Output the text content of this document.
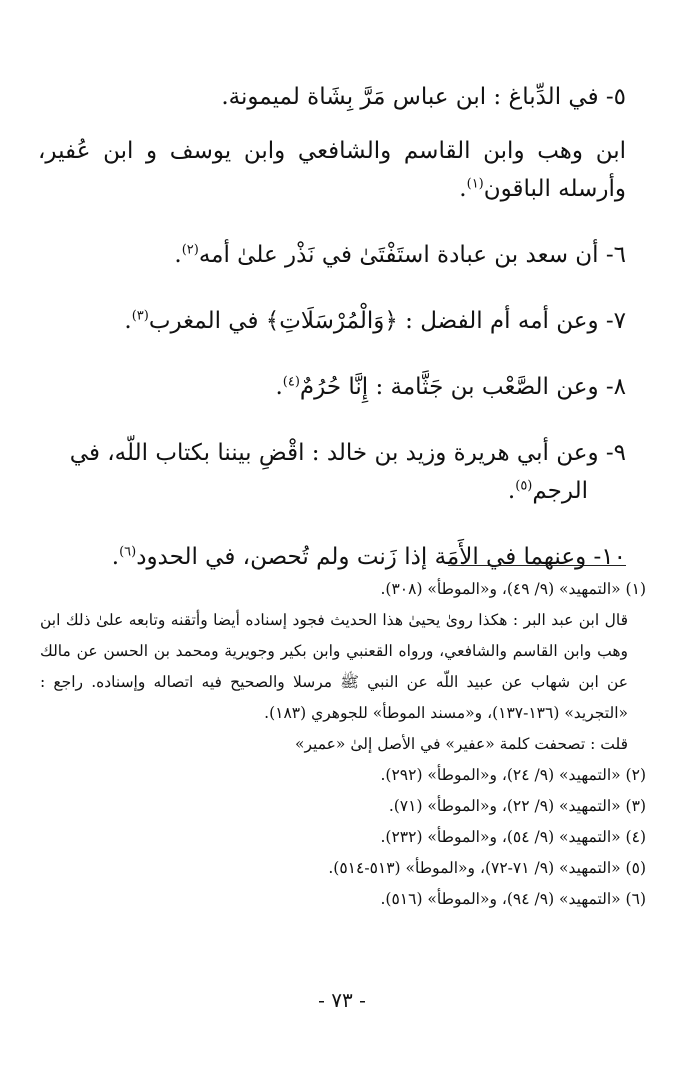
٥- في الدِّباغ : ابن عباس مَرَّ بِشَاة لميمونة.
ابن وهب وابن القاسم والشافعي وابن يوسف و ابن عُفير،
وأرسله الباقون$^{(١)}$.
٦- أن سعد بن عبادة استَفْتَىٰ في نَذْر علىٰ أمه$^{(٢)}$.
٧- وعن أمه أم الفضل : ﴿وَالْمُرْسَلَاتِ﴾ في المغرب$^{(٣)}$.
٨- وعن الصَّعْب بن جَثَّامة : إِنَّا حُرُمٌ$^{(٤)}$.
٩- وعن أبي هريرة وزيد بن خالد : اقْضِ بيننا بكتاب اللّه، في
الرجم$^{(٥)}$.
١٠- وعنهما في الأَمَة إذا زَنت ولم تُحصن، في الحدود$^{(٦)}$.
(١) «التمهيد» (٩/ ٤٩)، و«الموطأ» (٣٠٨).
قال ابن عبد البر : هكذا روىٰ يحيىٰ هذا الحديث فجود إسناده أيضا وأتقنه وتابعه علىٰ ذلك ابن وهب وابن القاسم والشافعي، ورواه القعنبي وابن بكير وجويرية ومحمد بن الحسن عن مالك عن ابن شهاب عن عبيد اللّه عن النبي ﷺ مرسلا والصحيح فيه اتصاله وإسناده. راجع : «التجريد» (١٣٦-١٣٧)، و«مسند الموطأ» للجوهري (١٨٣).
قلت : تصحفت كلمة «عفير» في الأصل إلىٰ «عمير»
(٢) «التمهيد» (٩/ ٢٤)، و«الموطأ» (٢٩٢).
(٣) «التمهيد» (٩/ ٢٢)، و«الموطأ» (٧١).
(٤) «التمهيد» (٩/ ٥٤)، و«الموطأ» (٢٣٢).
(٥) «التمهيد» (٩/ ٧١-٧٢)، و«الموطأ» (٥١٣-٥١٤).
(٦) «التمهيد» (٩/ ٩٤)، و«الموطأ» (٥١٦).
- ٧٣ -
